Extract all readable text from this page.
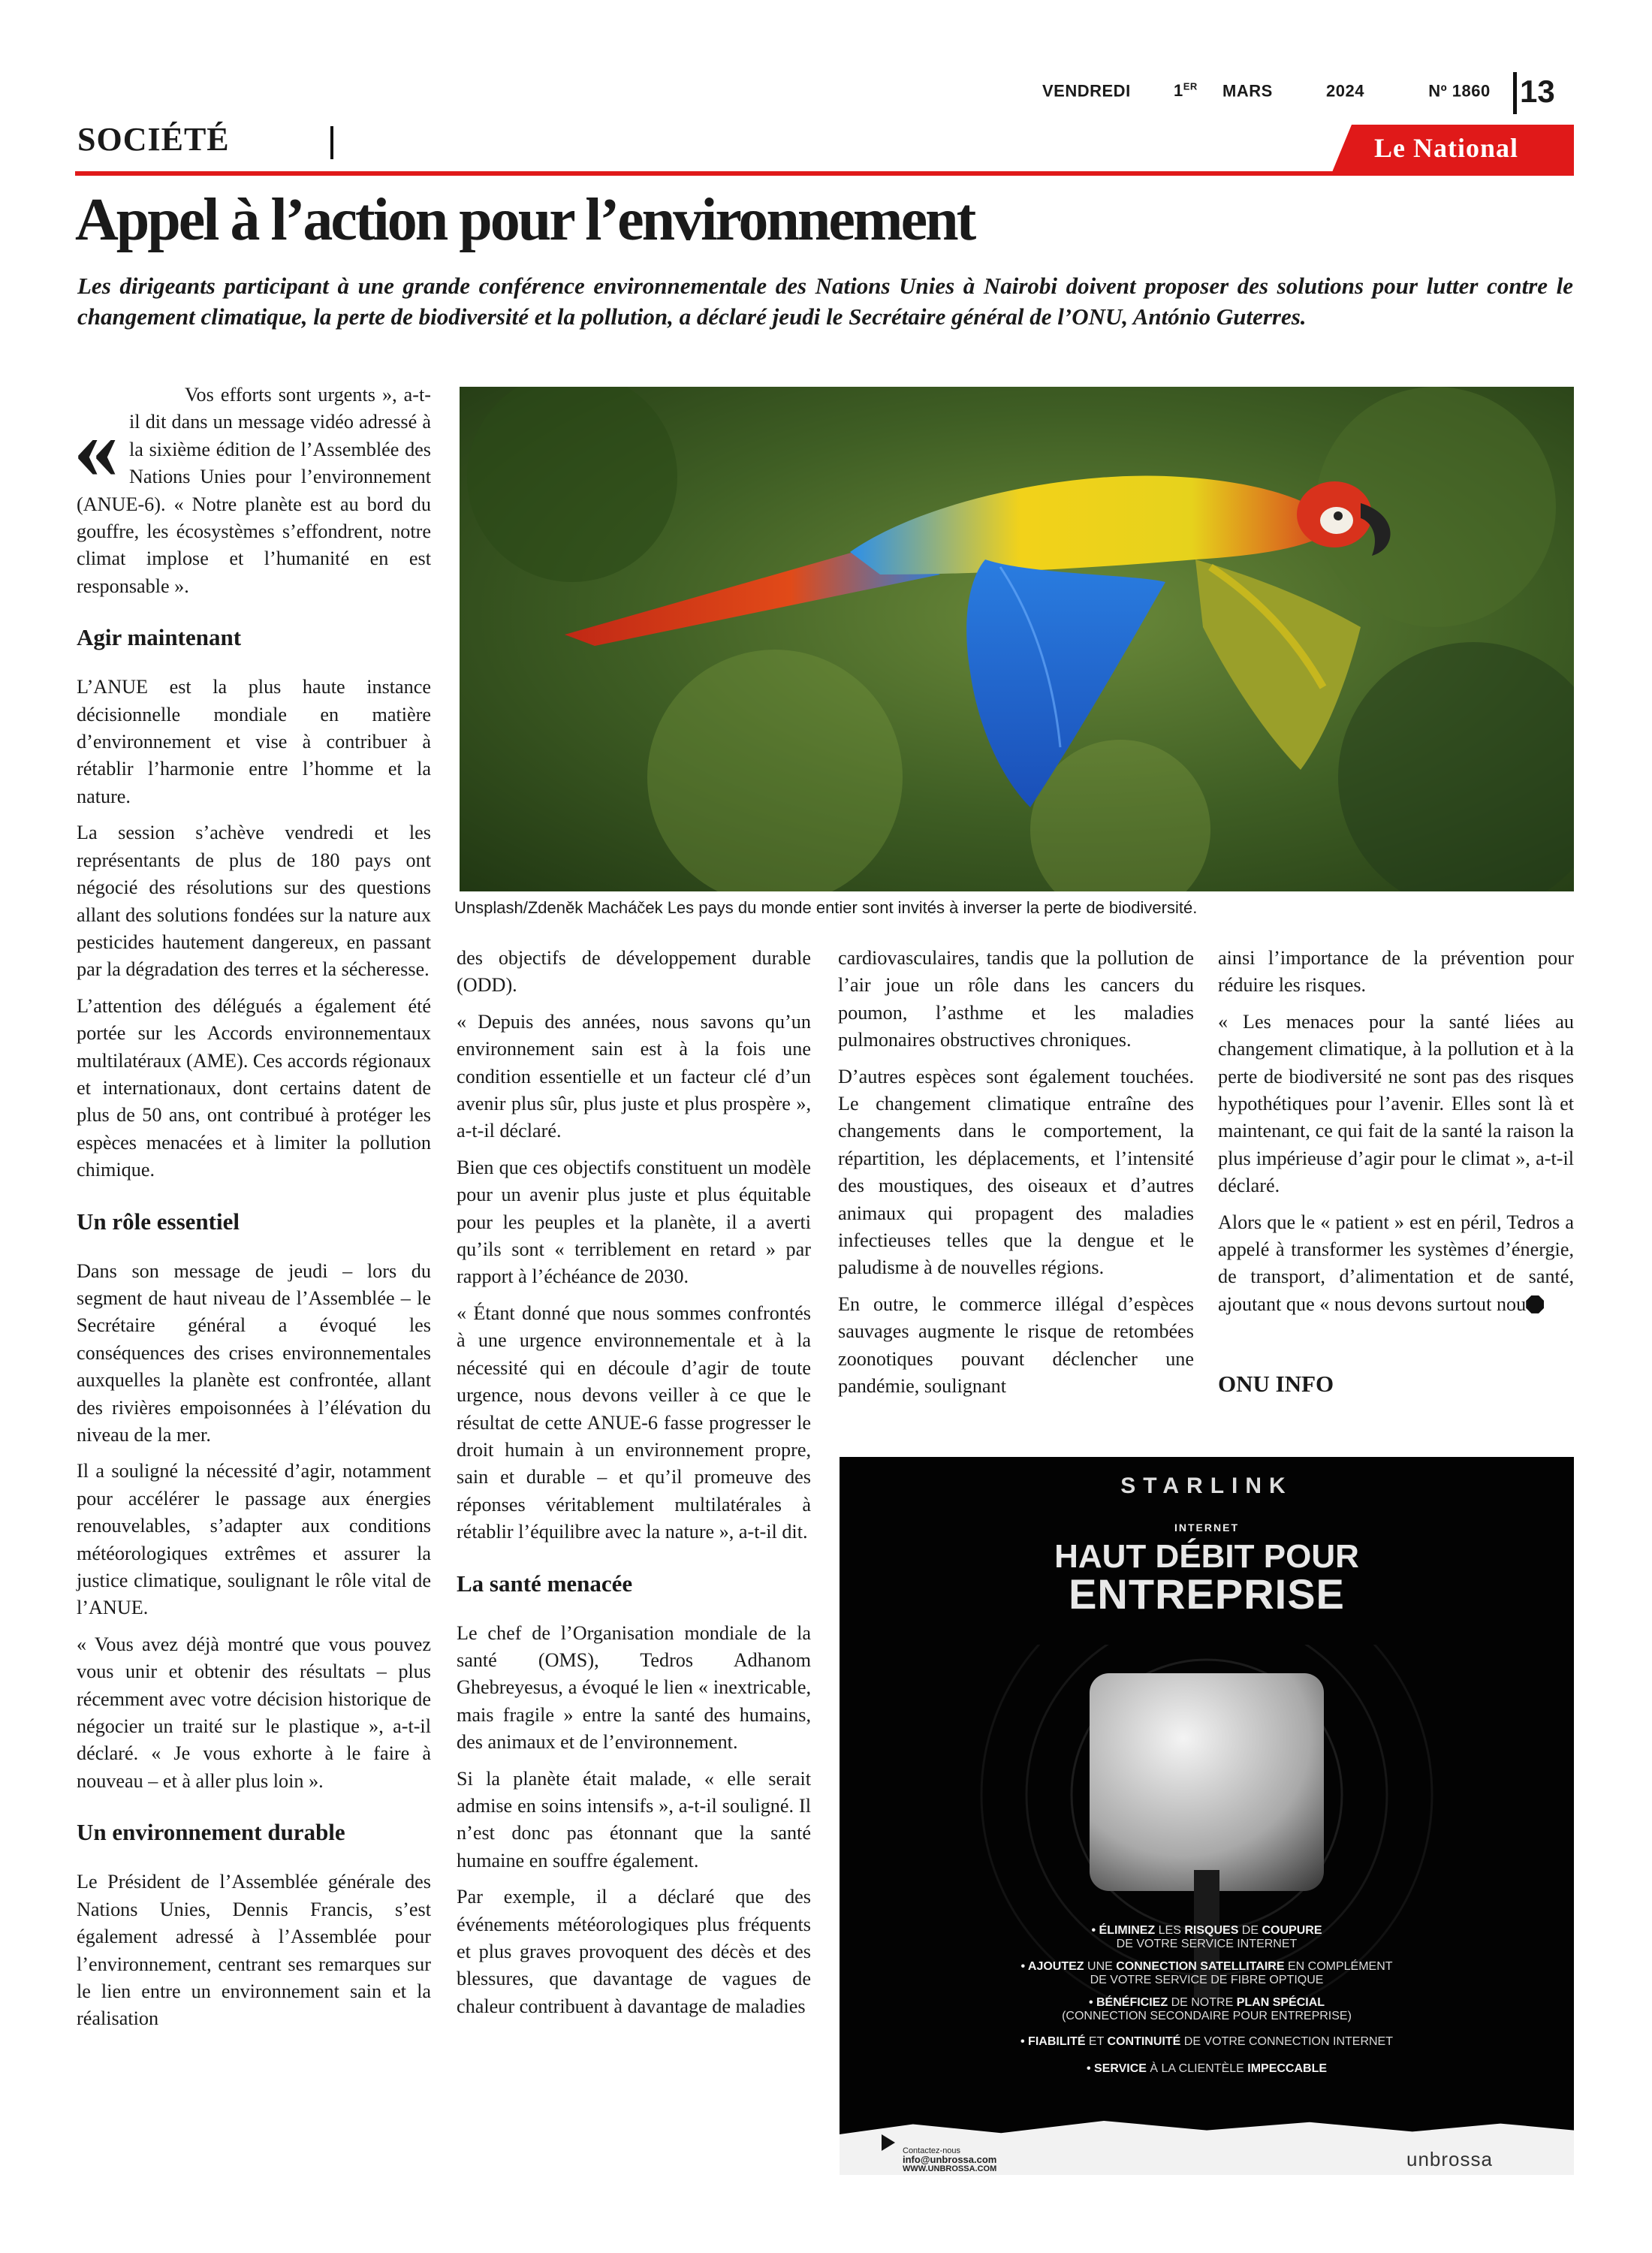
VENDREDI	1ER MARS	2024	Nº 1860 13
SOCIÉTÉ	Le National
Appel à l’action pour l’environnement
Les dirigeants participant à une grande conférence environnementale des Nations Unies à Nairobi doivent proposer des solutions pour lutter contre le changement climatique, la perte de biodiversité et la pollution, a déclaré jeudi le Secrétaire général de l’ONU, António Guterres.
«

Vos efforts sont urgents », a-t-il dit dans un message vidéo adressé à la sixième édition de l’Assemblée des Nations Unies pour l’environnement (ANUE-6). « Notre planète est au bord du gouffre, les écosystèmes s’effondrent, notre climat implose et l’humanité en est responsable ».

Agir maintenant

L’ANUE est la plus haute instance décisionnelle mondiale en matière d’environnement et vise à contribuer à rétablir l’harmonie entre l’homme et la nature.

La session s’achève vendredi et les représentants de plus de 180 pays ont négocié des résolutions sur des questions allant des solutions fondées sur la nature aux pesticides hautement dangereux, en passant par la dégradation des terres et la sécheresse.

L’attention des délégués a également été portée sur les Accords environnementaux multilatéraux (AME). Ces accords régionaux et internationaux, dont certains datent de plus de 50 ans, ont contribué à protéger les espèces menacées et à limiter la pollution chimique.

Un rôle essentiel

Dans son message de jeudi – lors du segment de haut niveau de l’Assemblée – le Secrétaire général a évoqué les conséquences des crises environnementales auxquelles la planète est confrontée, allant des rivières empoisonnées à l’élévation du niveau de la mer.

Il a souligné la nécessité d’agir, notamment pour accélérer le passage aux énergies renouvelables, s’adapter aux conditions météorologiques extrêmes et assurer la justice climatique, soulignant le rôle vital de l’ANUE.

« Vous avez déjà montré que vous pouvez vous unir et obtenir des résultats – plus récemment avec votre décision historique de négocier un traité sur le plastique », a-t-il déclaré. « Je vous exhorte à le faire à nouveau – et à aller plus loin ».

Un environnement durable

Le Président de l’Assemblée générale des Nations Unies, Dennis Francis, s’est également adressé à l’Assemblée pour l’environnement, centrant ses remarques sur le lien entre un environnement sain et la réalisation

Unsplash/Zdeněk Macháček Les pays du monde entier sont invités à inverser la perte de biodiversité.

des objectifs de développement durable (ODD).

« Depuis des années, nous savons qu’un environnement sain est à la fois une condition essentielle et un facteur clé d’un avenir plus sûr, plus juste et plus prospère », a-t-il déclaré.

Bien que ces objectifs constituent un modèle pour un avenir plus juste et plus équitable pour les peuples et la planète, il a averti qu’ils sont « terriblement en retard » par rapport à l’échéance de 2030.

« Étant donné que nous sommes confrontés à une urgence environnementale et à la nécessité qui en découle d’agir de toute urgence, nous devons veiller à ce que le résultat de cette ANUE-6 fasse progresser le droit humain à un environnement propre, sain et durable – et qu’il promeuve des réponses véritablement multilatérales à rétablir l’équilibre avec la nature », a-t-il dit.

La santé menacée

Le chef de l’Organisation mondiale de la santé (OMS), Tedros Adhanom Ghebreyesus, a évoqué le lien « inextricable, mais fragile » entre la santé des humains, des animaux et de l’environnement.

Si la planète était malade, « elle serait admise en soins intensifs », a-t-il souligné. Il n’est donc pas étonnant que la santé humaine en souffre également.

Par exemple, il a déclaré que des événements météorologiques plus fréquents et plus graves provoquent des décès et des blessures, que davantage de vagues de chaleur contribuent à davantage de maladies

cardiovasculaires, tandis que la pollution de l’air joue un rôle dans les cancers du poumon, l’asthme et les maladies pulmonaires obstructives chroniques.

D’autres espèces sont également touchées. Le changement climatique entraîne des changements dans le comportement, la répartition, les déplacements, et l’intensité des moustiques, des oiseaux et d’autres animaux qui propagent des maladies infectieuses telles que la dengue et le paludisme à de nouvelles régions.

En outre, le commerce illégal d’espèces sauvages augmente le risque de retombées zoonotiques pouvant déclencher une pandémie, soulignant

ainsi l’importance de la prévention pour réduire les risques.

« Les menaces pour la santé liées au changement climatique, à la pollution et à la perte de biodiversité ne sont pas des risques hypothétiques pour l’avenir. Elles sont là et maintenant, ce qui fait de la santé la raison la plus impérieuse d’agir pour le climat », a-t-il déclaré.

Alors que le « patient » est en péril, Tedros a appelé à transformer les systèmes d’énergie, de transport, d’alimentation et de santé, ajoutant que « nous devons surtout nou

ONU INFO

STARLINK
INTERNET
HAUT DÉBIT POUR
ENTREPRISE
• ÉLIMINEZ LES RISQUES DE COUPURE
DE VOTRE SERVICE INTERNET
• AJOUTEZ UNE CONNECTION SATELLITAIRE EN COMPLÉMENT
DE VOTRE SERVICE DE FIBRE OPTIQUE
• BÉNÉFICIEZ DE NOTRE PLAN SPÉCIAL
(CONNECTION SECONDAIRE POUR ENTREPRISE)
• FIABILITÉ ET CONTINUITÉ DE VOTRE CONNECTION INTERNET
• SERVICE À LA CLIENTÈLE IMPECCABLE
Contactez-nous
info@unbrossa.com
WWW.UNBROSSA.COM	unbrossa
